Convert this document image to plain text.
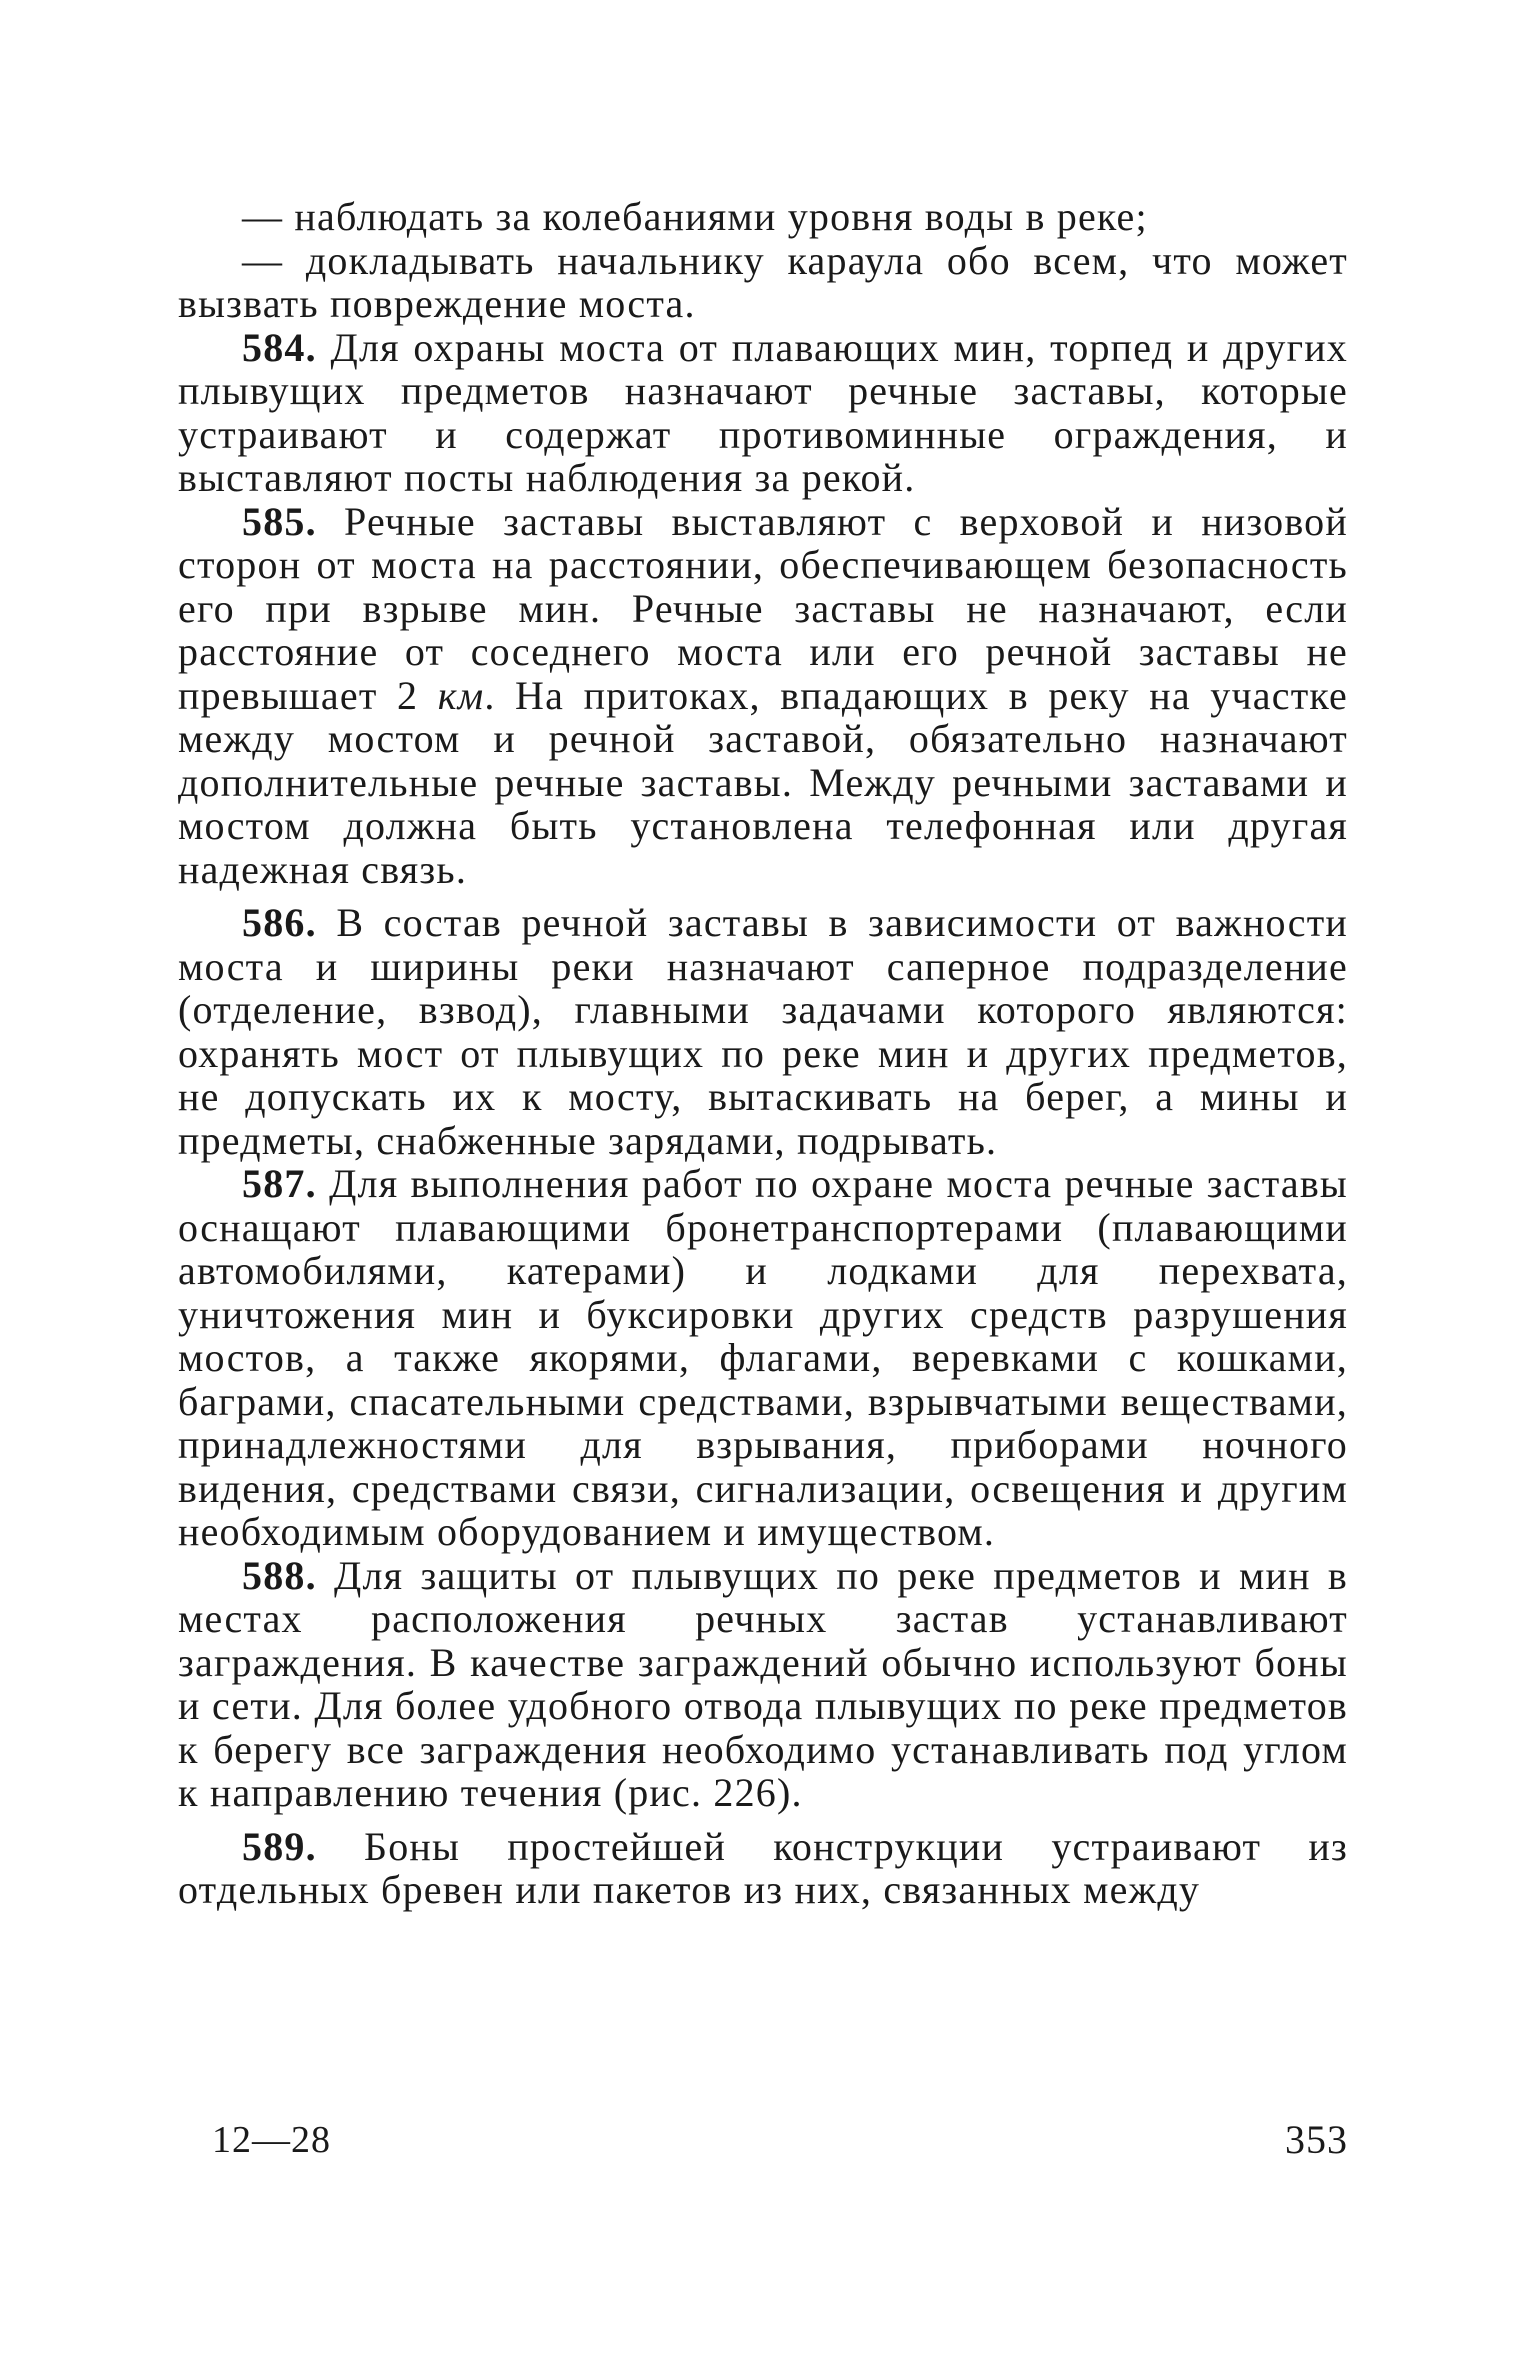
— наблюдать за колебаниями уровня воды в реке;

— докладывать начальнику караула обо всем, что может вызвать повреждение моста.

584. Для охраны моста от плавающих мин, торпед и других плывущих предметов назначают речные заставы, которые устраивают и содержат противоминные ограждения, и выставляют посты наблюдения за рекой.

585. Речные заставы выставляют с верховой и низовой сторон от моста на расстоянии, обеспечивающем безопасность его при взрыве мин. Речные заставы не назначают, если расстояние от соседнего моста или его речной заставы не превышает 2 км. На притоках, впадающих в реку на участке между мостом и речной заставой, обязательно назначают дополнительные речные заставы. Между речными заставами и мостом должна быть установлена телефонная или другая надежная связь.

586. В состав речной заставы в зависимости от важности моста и ширины реки назначают саперное подразделение (отделение, взвод), главными задачами которого являются: охранять мост от плывущих по реке мин и других предметов, не допускать их к мосту, вытаскивать на берег, а мины и предметы, снабженные зарядами, подрывать.

587. Для выполнения работ по охране моста речные заставы оснащают плавающими бронетранспортерами (плавающими автомобилями, катерами) и лодками для перехвата, уничтожения мин и буксировки других средств разрушения мостов, а также якорями, флагами, веревками с кошками, баграми, спасательными средствами, взрывчатыми веществами, принадлежностями для взрывания, приборами ночного видения, средствами связи, сигнализации, освещения и другим необходимым оборудованием и имуществом.

588. Для защиты от плывущих по реке предметов и мин в местах расположения речных застав устанавливают заграждения. В качестве заграждений обычно используют боны и сети. Для более удобного отвода плывущих по реке предметов к берегу все заграждения необходимо устанавливать под углом к направлению течения (рис. 226).

589. Боны простейшей конструкции устраивают из отдельных бревен или пакетов из них, связанных между

12—28	353
